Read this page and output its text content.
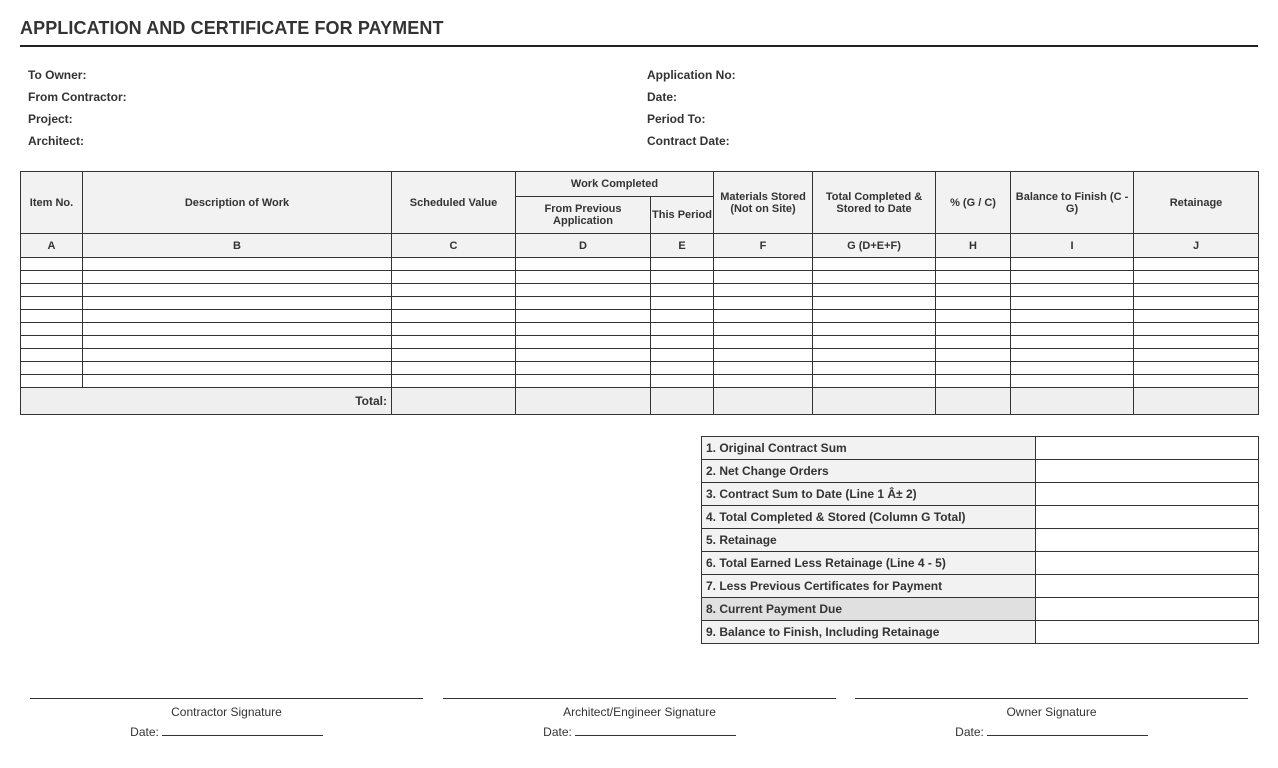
APPLICATION AND CERTIFICATE FOR PAYMENT
To Owner:
From Contractor:
Project:
Architect:
Application No:
Date:
Period To:
Contract Date:
Item No.	Description of Work	Scheduled Value	Work Completed		Materials Stored (Not on Site)	Total Completed & Stored to Date	% (G / C)	Balance to Finish (C - G)	Retainage
			From Previous Application	This Period					
A	B	C	D	E	F	G (D+E+F)	H	I	J

Total:									
1. Original Contract Sum	
2. Net Change Orders	
3. Contract Sum to Date (Line 1 Â± 2)	
4. Total Completed & Stored (Column G Total)	
5. Retainage	
6. Total Earned Less Retainage (Line 4 - 5)	
7. Less Previous Certificates for Payment	
8. Current Payment Due	
9. Balance to Finish, Including Retainage	
Contractor Signature
Date:
Architect/Engineer Signature
Date:
Owner Signature
Date:
